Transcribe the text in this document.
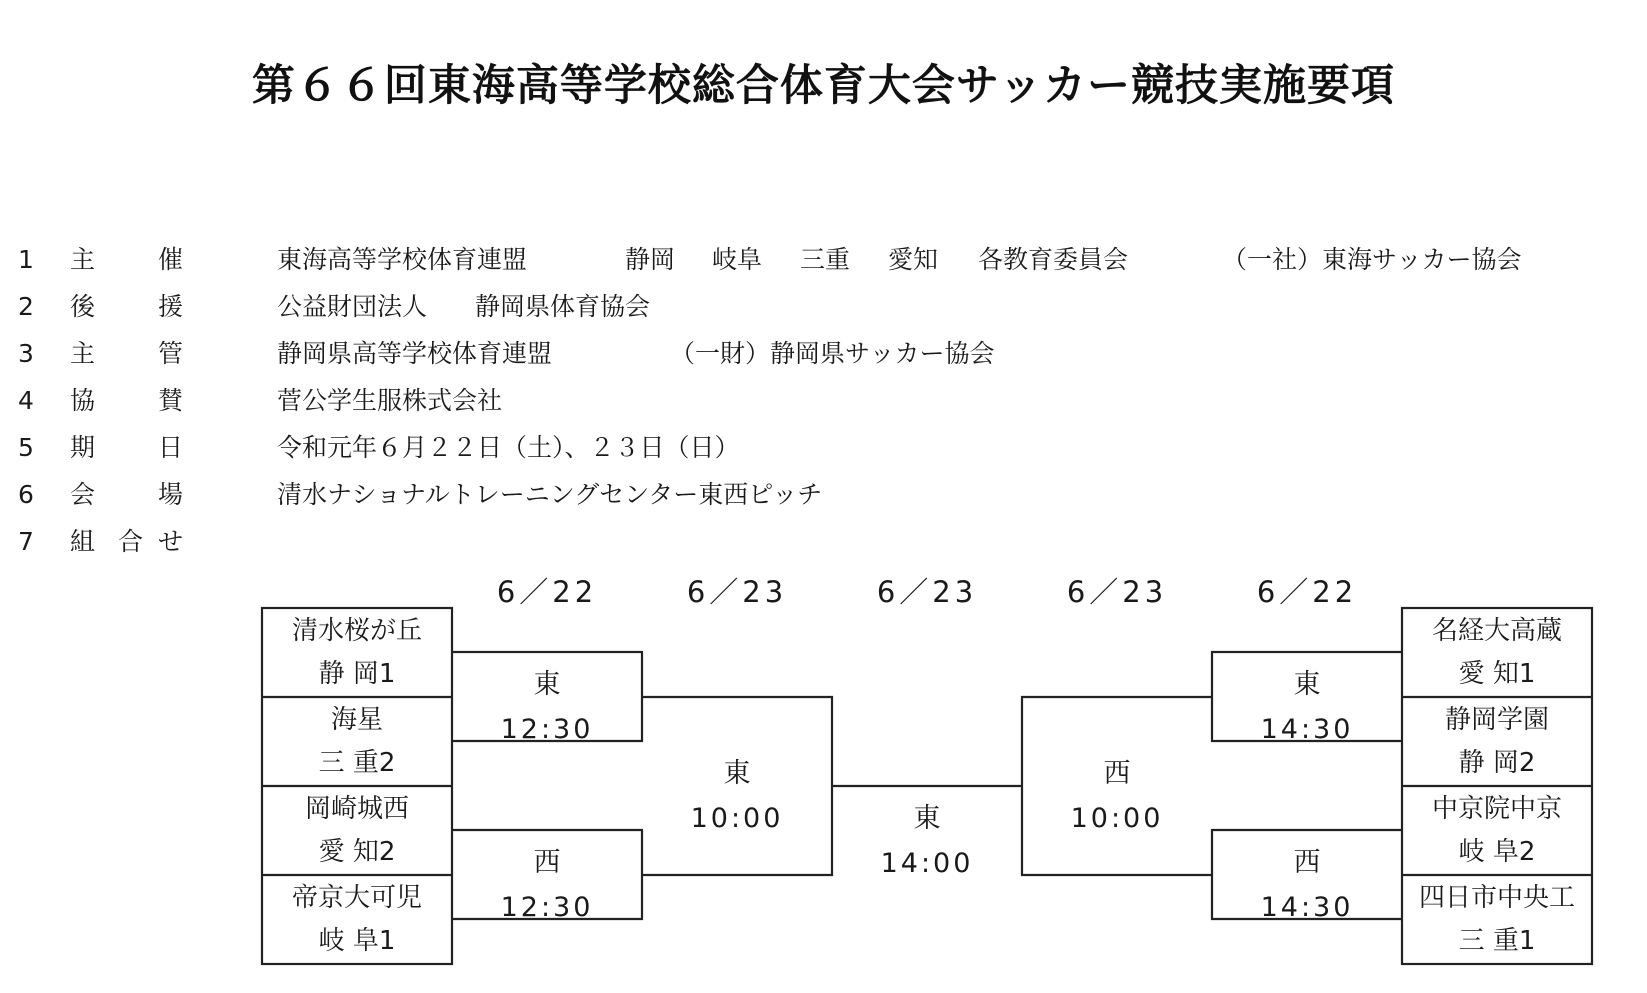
第６６回東海高等学校総合体育大会サッカー競技実施要項
1 主	催	東海高等学校体育連盟	静岡 岐阜 三重 愛知 各教育委員会	（一社）東海サッカー協会
2 後	援	公益財団法人 静岡県体育協会
3 主	管	静岡県高等学校体育連盟	（一財）静岡県サッカー協会
4 協	賛	菅公学生服株式会社
5 期	日	令和元年６月２２日（土）、２３日（日）
6 会	場	清水ナショナルトレーニングセンター東西ピッチ
7 組 合 せ
6／22	6／23	6／23	6／23	6／22
清水桜が丘
静 岡1
海星
三 重2
岡崎城西
愛 知2
帝京大可児
岐 阜1
名経大高蔵
愛 知1
静岡学園
静 岡2
中京院中京
岐 阜2
四日市中央工
三 重1
東
12:30
西
12:30
東
10:00	東
14:00
西
10:00
東
14:30
西
14:30
